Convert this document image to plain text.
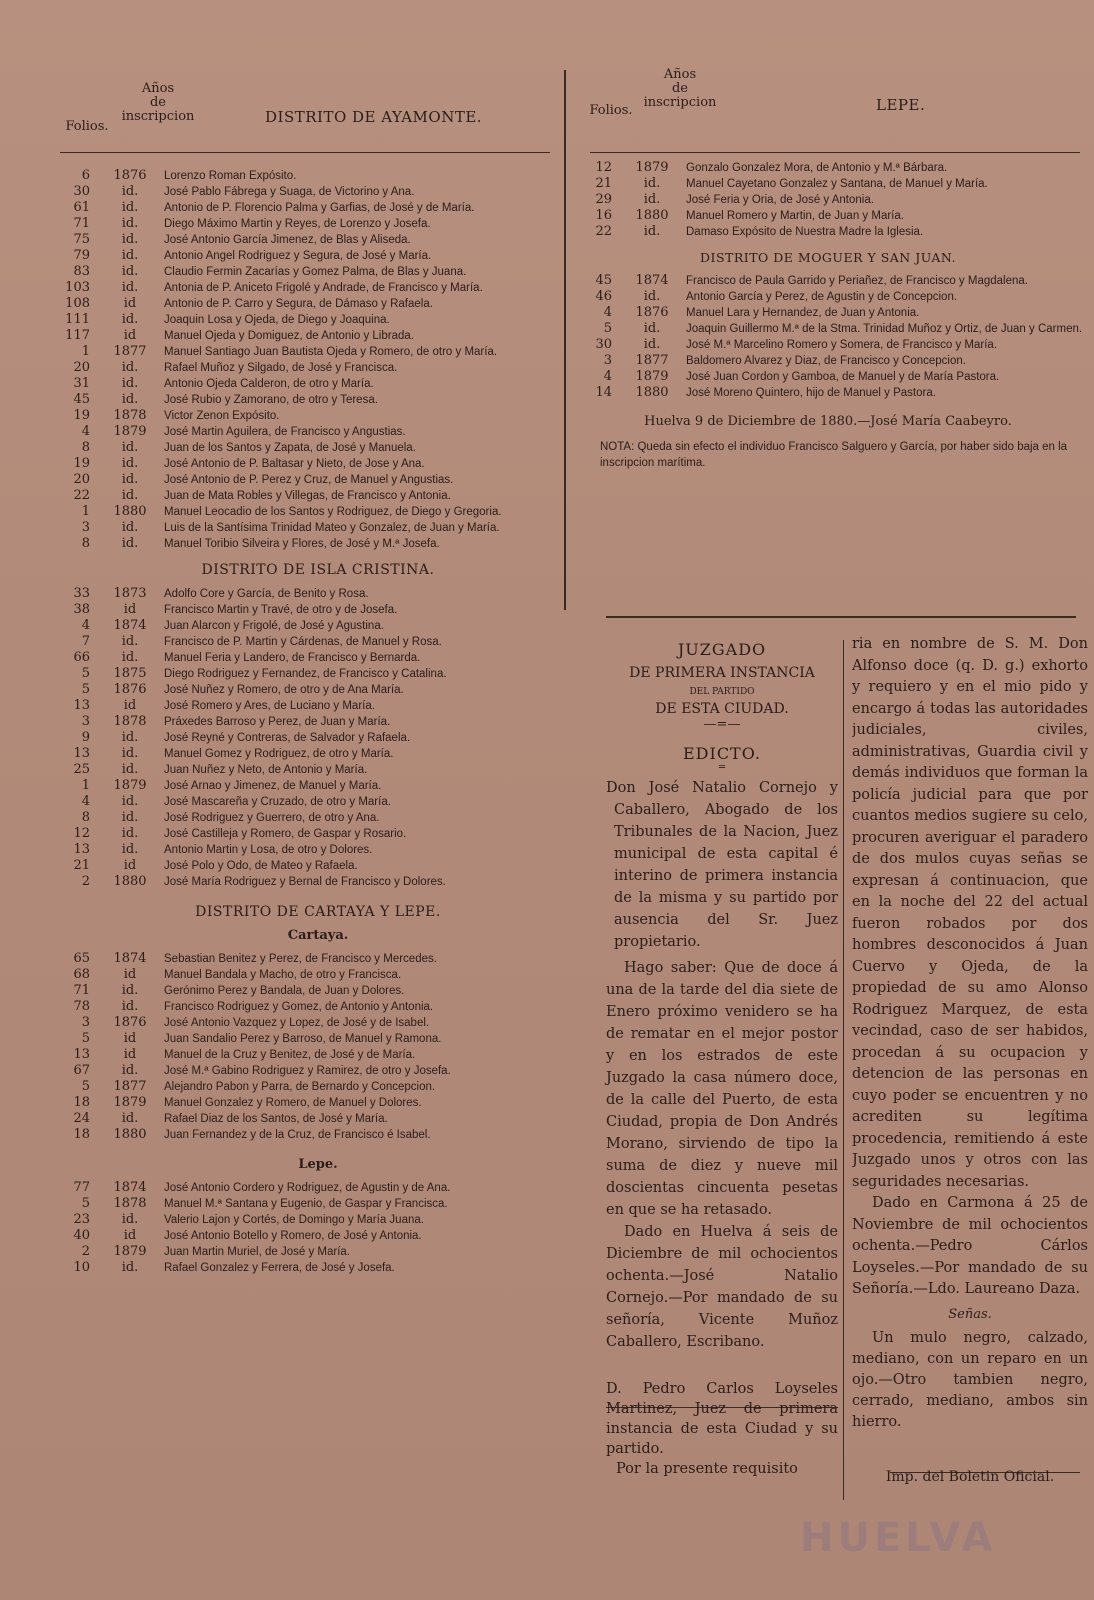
Folios.
Años
de
inscripcion	DISTRITO DE AYAMONTE.
6	1876	Lorenzo Roman Expósito.
30	id.	José Pablo Fábrega y Suaga, de Victorino y Ana.
61	id.	Antonio de P. Florencio Palma y Garfias, de José y de María.
71	id.	Diego Máximo Martin y Reyes, de Lorenzo y Josefa.
75	id.	José Antonio García Jimenez, de Blas y Aliseda.
79	id.	Antonio Angel Rodriguez y Segura, de José y María.
83	id.	Claudio Fermin Zacarías y Gomez Palma, de Blas y Juana.
103	id.	Antonia de P. Aniceto Frigolé y Andrade, de Francisco y María.
108	id	Antonio de P. Carro y Segura, de Dámaso y Rafaela.
111	id.	Joaquin Losa y Ojeda, de Diego y Joaquina.
117	id	Manuel Ojeda y Domiguez, de Antonio y Librada.
1	1877	Manuel Santiago Juan Bautista Ojeda y Romero, de otro y María.
20	id.	Rafael Muñoz y Silgado, de José y Francisca.
31	id.	Antonio Ojeda Calderon, de otro y María.
45	id.	José Rubio y Zamorano, de otro y Teresa.
19	1878	Victor Zenon Expósito.
4	1879	José Martin Aguilera, de Francisco y Angustias.
8	id.	Juan de los Santos y Zapata, de José y Manuela.
19	id.	José Antonio de P. Baltasar y Nieto, de Jose y Ana.
20	id.	José Antonio de P. Perez y Cruz, de Manuel y Angustias.
22	id.	Juan de Mata Robles y Villegas, de Francisco y Antonia.
1	1880	Manuel Leocadio de los Santos y Rodriguez, de Diego y Gregoria.
3	id.	Luis de la Santísima Trinidad Mateo y Gonzalez, de Juan y María.
8	id.	Manuel Toribio Silveira y Flores, de José y M.ª Josefa.
DISTRITO DE ISLA CRISTINA.
33	1873	Adolfo Core y García, de Benito y Rosa.
38	id	Francisco Martin y Travé, de otro y de Josefa.
4	1874	Juan Alarcon y Frigolé, de José y Agustina.
7	id.	Francisco de P. Martin y Cárdenas, de Manuel y Rosa.
66	id.	Manuel Feria y Landero, de Francisco y Bernarda.
5	1875	Diego Rodriguez y Fernandez, de Francisco y Catalina.
5	1876	José Nuñez y Romero, de otro y de Ana María.
13	id	José Romero y Ares, de Luciano y María.
3	1878	Práxedes Barroso y Perez, de Juan y María.
9	id.	José Reyné y Contreras, de Salvador y Rafaela.
13	id.	Manuel Gomez y Rodriguez, de otro y María.
25	id.	Juan Nuñez y Neto, de Antonio y María.
1	1879	José Arnao y Jimenez, de Manuel y María.
4	id.	José Mascareña y Cruzado, de otro y María.
8	id.	José Rodriguez y Guerrero, de otro y Ana.
12	id.	José Castilleja y Romero, de Gaspar y Rosario.
13	id.	Antonio Martin y Losa, de otro y Dolores.
21	id	José Polo y Odo, de Mateo y Rafaela.
2	1880	José María Rodriguez y Bernal de Francisco y Dolores.
DISTRITO DE CARTAYA Y LEPE.
Cartaya.
65	1874	Sebastian Benitez y Perez, de Francisco y Mercedes.
68	id	Manuel Bandala y Macho, de otro y Francisca.
71	id.	Gerónimo Perez y Bandala, de Juan y Dolores.
78	id.	Francisco Rodriguez y Gomez, de Antonio y Antonia.
3	1876	José Antonio Vazquez y Lopez, de José y de Isabel.
5	id	Juan Sandalio Perez y Barroso, de Manuel y Ramona.
13	id	Manuel de la Cruz y Benitez, de José y de María.
67	id.	José M.ª Gabino Rodriguez y Ramirez, de otro y Josefa.
5	1877	Alejandro Pabon y Parra, de Bernardo y Concepcion.
18	1879	Manuel Gonzalez y Romero, de Manuel y Dolores.
24	id.	Rafael Diaz de los Santos, de José y María.
18	1880	Juan Fernandez y de la Cruz, de Francisco é Isabel.
Lepe.
77	1874	José Antonio Cordero y Rodriguez, de Agustin y de Ana.
5	1878	Manuel M.ª Santana y Eugenio, de Gaspar y Francisca.
23	id.	Valerio Lajon y Cortés, de Domingo y María Juana.
40	id	José Antonio Botello y Romero, de José y Antonia.
2	1879	Juan Martin Muriel, de José y María.
10	id.	Rafael Gonzalez y Ferrera, de José y Josefa.
Folios.
Años
de
inscripcion	LEPE.
12	1879	Gonzalo Gonzalez Mora, de Antonio y M.ª Bárbara.
21	id.	Manuel Cayetano Gonzalez y Santana, de Manuel y María.
29	id.	José Feria y Oria, de José y Antonia.
16	1880	Manuel Romero y Martin, de Juan y María.
22	id.	Damaso Expósito de Nuestra Madre la Iglesia.
DISTRITO DE MOGUER Y SAN JUAN.
45	1874	Francisco de Paula Garrido y Periañez, de Francisco y Magdalena.
46	id.	Antonio García y Perez, de Agustin y de Concepcion.
4	1876	Manuel Lara y Hernandez, de Juan y Antonia.
5	id.	Joaquin Guillermo M.ª de la Stma. Trinidad Muñoz y Ortiz, de Juan y Carmen.
30	id.	José M.ª Marcelino Romero y Somera, de Francisco y María.
3	1877	Baldomero Alvarez y Diaz, de Francisco y Concepcion.
4	1879	José Juan Cordon y Gamboa, de Manuel y de María Pastora.
14	1880	José Moreno Quintero, hijo de Manuel y Pastora.
Huelva 9 de Diciembre de 1880.—José María Caabeyro.
NOTA: Queda sin efecto el individuo Francisco Salguero y García, por haber sido baja en la inscripcion marítima.
JUZGADO
DE PRIMERA INSTANCIA
DEL PARTIDO
DE ESTA CIUDAD.
—=—
EDICTO.
═
Don José Natalio Cornejo y Caballero, Abogado de los Tribunales de la Nacion, Juez municipal de esta capital é interino de primera instancia de la misma y su partido por ausencia del Sr. Juez propietario.
Hago saber: Que de doce á una de la tarde del dia siete de Enero próximo venidero se ha de rematar en el mejor postor y en los estrados de este Juzgado la casa número doce, de la calle del Puerto, de esta Ciudad, propia de Don Andrés Morano, sirviendo de tipo la suma de diez y nueve mil doscientas cincuenta pesetas en que se ha retasado.
Dado en Huelva á seis de Diciembre de mil ochocientos ochenta.—José Natalio Cornejo.—Por mandado de su señoría, Vicente Muñoz Caballero, Escribano.
D. Pedro Carlos Loyseles Martinez, Juez de primera instancia de esta Ciudad y su partido.
Por la presente requisito
ria en nombre de S. M. Don Alfonso doce (q. D. g.) exhorto y requiero y en el mio pido y encargo á todas las autoridades judiciales, civiles, administrativas, Guardia civil y demás individuos que forman la policía judicial para que por cuantos medios sugiere su celo, procuren averiguar el paradero de dos mulos cuyas señas se expresan á continuacion, que en la noche del 22 del actual fueron robados por dos hombres desconocidos á Juan Cuervo y Ojeda, de la propiedad de su amo Alonso Rodriguez Marquez, de esta vecindad, caso de ser habidos, procedan á su ocupacion y detencion de las personas en cuyo poder se encuentren y no acrediten su legítima procedencia, remitiendo á este Juzgado unos y otros con las seguridades necesarias.
Dado en Carmona á 25 de Noviembre de mil ochocientos ochenta.—Pedro Cárlos Loyseles.—Por mandado de su Señoría.—Ldo. Laureano Daza.
Señas.
Un mulo negro, calzado, mediano, con un reparo en un ojo.—Otro tambien negro, cerrado, mediano, ambos sin hierro.
Imp. del Boletin Oficial.
HUELVA
